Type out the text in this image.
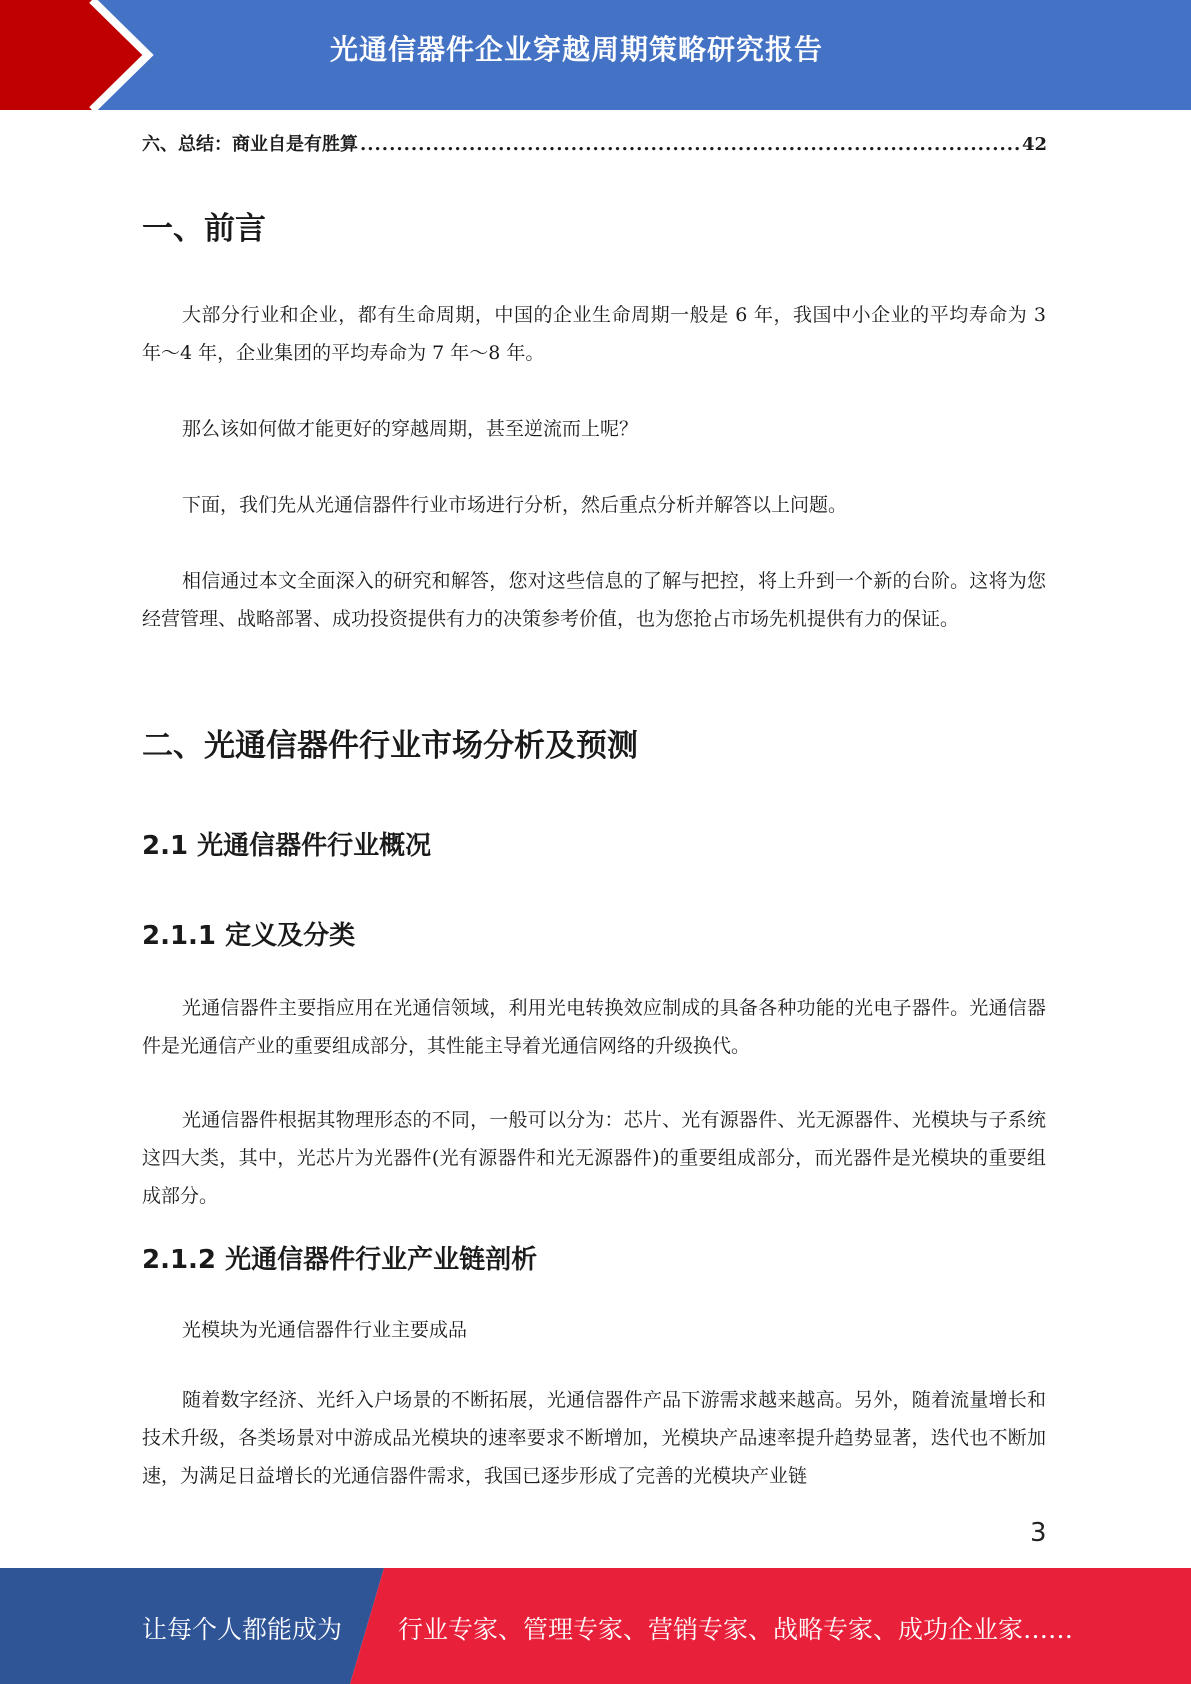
光通信器件企业穿越周期策略研究报告
六、总结：商业自是有胜算
.....	42
一、前言

大部分行业和企业，都有生命周期，中国的企业生命周期一般是 6 年，我国中小企业的平均寿命为 3 年～4 年，企业集团的平均寿命为 7 年～8 年。

那么该如何做才能更好的穿越周期，甚至逆流而上呢？

下面，我们先从光通信器件行业市场进行分析，然后重点分析并解答以上问题。

相信通过本文全面深入的研究和解答，您对这些信息的了解与把控，将上升到一个新的台阶。这将为您经营管理、战略部署、成功投资提供有力的决策参考价值，也为您抢占市场先机提供有力的保证。

二、光通信器件行业市场分析及预测
2.1 光通信器件行业概况
2.1.1 定义及分类

光通信器件主要指应用在光通信领域，利用光电转换效应制成的具备各种功能的光电子器件。光通信器件是光通信产业的重要组成部分，其性能主导着光通信网络的升级换代。

光通信器件根据其物理形态的不同，一般可以分为：芯片、光有源器件、光无源器件、光模块与子系统这四大类，其中，光芯片为光器件(光有源器件和光无源器件)的重要组成部分，而光器件是光模块的重要组成部分。

2.1.2 光通信器件行业产业链剖析

光模块为光通信器件行业主要成品

随着数字经济、光纤入户场景的不断拓展，光通信器件产品下游需求越来越高。另外，随着流量增长和技术升级，各类场景对中游成品光模块的速率要求不断增加，光模块产品速率提升趋势显著，迭代也不断加速，为满足日益增长的光通信器件需求，我国已逐步形成了完善的光模块产业链

3
让每个人都能成为 行业专家、管理专家、营销专家、战略专家、成功企业家……
